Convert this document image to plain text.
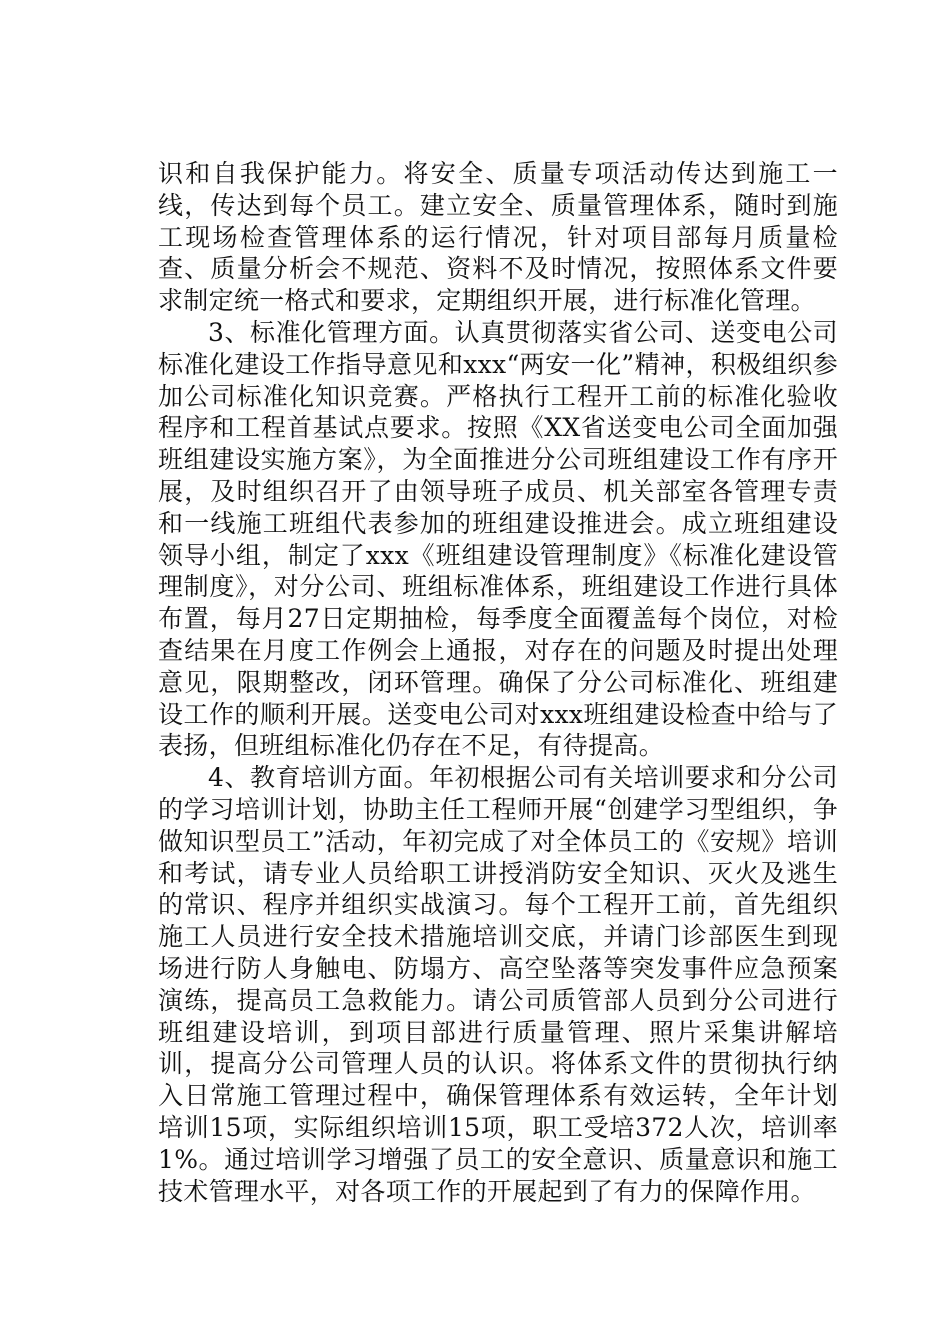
识和自我保护能力。将安全、质量专项活动传达到施工一线，传达到每个员工。建立安全、质量管理体系，随时到施工现场检查管理体系的运行情况，针对项目部每月质量检查、质量分析会不规范、资料不及时情况，按照体系文件要求制定统一格式和要求，定期组织开展，进行标准化管理。

3、标准化管理方面。认真贯彻落实省公司、送变电公司标准化建设工作指导意见和xxx“两安一化”精神，积极组织参加公司标准化知识竞赛。严格执行工程开工前的标准化验收程序和工程首基试点要求。按照《XX省送变电公司全面加强班组建设实施方案》，为全面推进分公司班组建设工作有序开展，及时组织召开了由领导班子成员、机关部室各管理专责和一线施工班组代表参加的班组建设推进会。成立班组建设领导小组，制定了xxx《班组建设管理制度》《标准化建设管理制度》，对分公司、班组标准体系，班组建设工作进行具体布置，每月27日定期抽检，每季度全面覆盖每个岗位，对检查结果在月度工作例会上通报，对存在的问题及时提出处理意见，限期整改，闭环管理。确保了分公司标准化、班组建设工作的顺利开展。送变电公司对xxx班组建设检查中给与了表扬，但班组标准化仍存在不足，有待提高。

4、教育培训方面。年初根据公司有关培训要求和分公司的学习培训计划，协助主任工程师开展“创建学习型组织，争做知识型员工”活动，年初完成了对全体员工的《安规》培训和考试，请专业人员给职工讲授消防安全知识、灭火及逃生的常识、程序并组织实战演习。每个工程开工前，首先组织施工人员进行安全技术措施培训交底，并请门诊部医生到现场进行防人身触电、防塌方、高空坠落等突发事件应急预案演练，提高员工急救能力。请公司质管部人员到分公司进行班组建设培训，到项目部进行质量管理、照片采集讲解培训，提高分公司管理人员的认识。将体系文件的贯彻执行纳入日常施工管理过程中，确保管理体系有效运转，全年计划培训15项，实际组织培训15项，职工受培372人次，培训率1%。通过培训学习增强了员工的安全意识、质量意识和施工技术管理水平，对各项工作的开展起到了有力的保障作用。
